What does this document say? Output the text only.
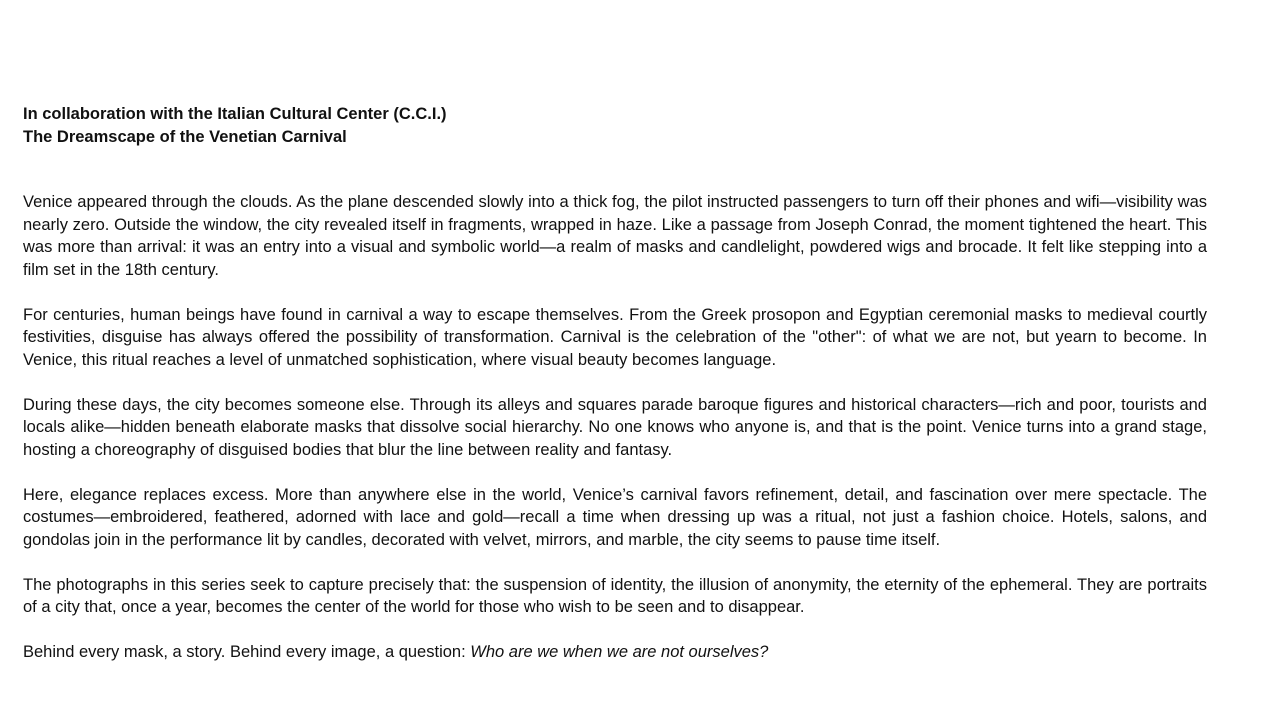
In collaboration with the Italian Cultural Center (C.C.I.)
The Dreamscape of the Venetian Carnival

Venice appeared through the clouds. As the plane descended slowly into a thick fog, the pilot instructed passengers to turn off their phones and wifi—visibility was nearly zero. Outside the window, the city revealed itself in fragments, wrapped in haze. Like a passage from Joseph Conrad, the moment tightened the heart. This was more than arrival: it was an entry into a visual and symbolic world—a realm of masks and candlelight, powdered wigs and brocade. It felt like stepping into a film set in the 18th century.

For centuries, human beings have found in carnival a way to escape themselves. From the Greek prosopon and Egyptian ceremonial masks to medieval courtly festivities, disguise has always offered the possibility of transformation. Carnival is the celebration of the "other": of what we are not, but yearn to become. In Venice, this ritual reaches a level of unmatched sophistication, where visual beauty becomes language.

During these days, the city becomes someone else. Through its alleys and squares parade baroque figures and historical characters—rich and poor, tourists and locals alike—hidden beneath elaborate masks that dissolve social hierarchy. No one knows who anyone is, and that is the point. Venice turns into a grand stage, hosting a choreography of disguised bodies that blur the line between reality and fantasy.

Here, elegance replaces excess. More than anywhere else in the world, Venice’s carnival favors refinement, detail, and fascination over mere spectacle. The costumes—embroidered, feathered, adorned with lace and gold—recall a time when dressing up was a ritual, not just a fashion choice. Hotels, salons, and gondolas join in the performance lit by candles, decorated with velvet, mirrors, and marble, the city seems to pause time itself.

The photographs in this series seek to capture precisely that: the suspension of identity, the illusion of anonymity, the eternity of the ephemeral. They are portraits of a city that, once a year, becomes the center of the world for those who wish to be seen and to disappear.

Behind every mask, a story. Behind every image, a question: Who are we when we are not ourselves?
